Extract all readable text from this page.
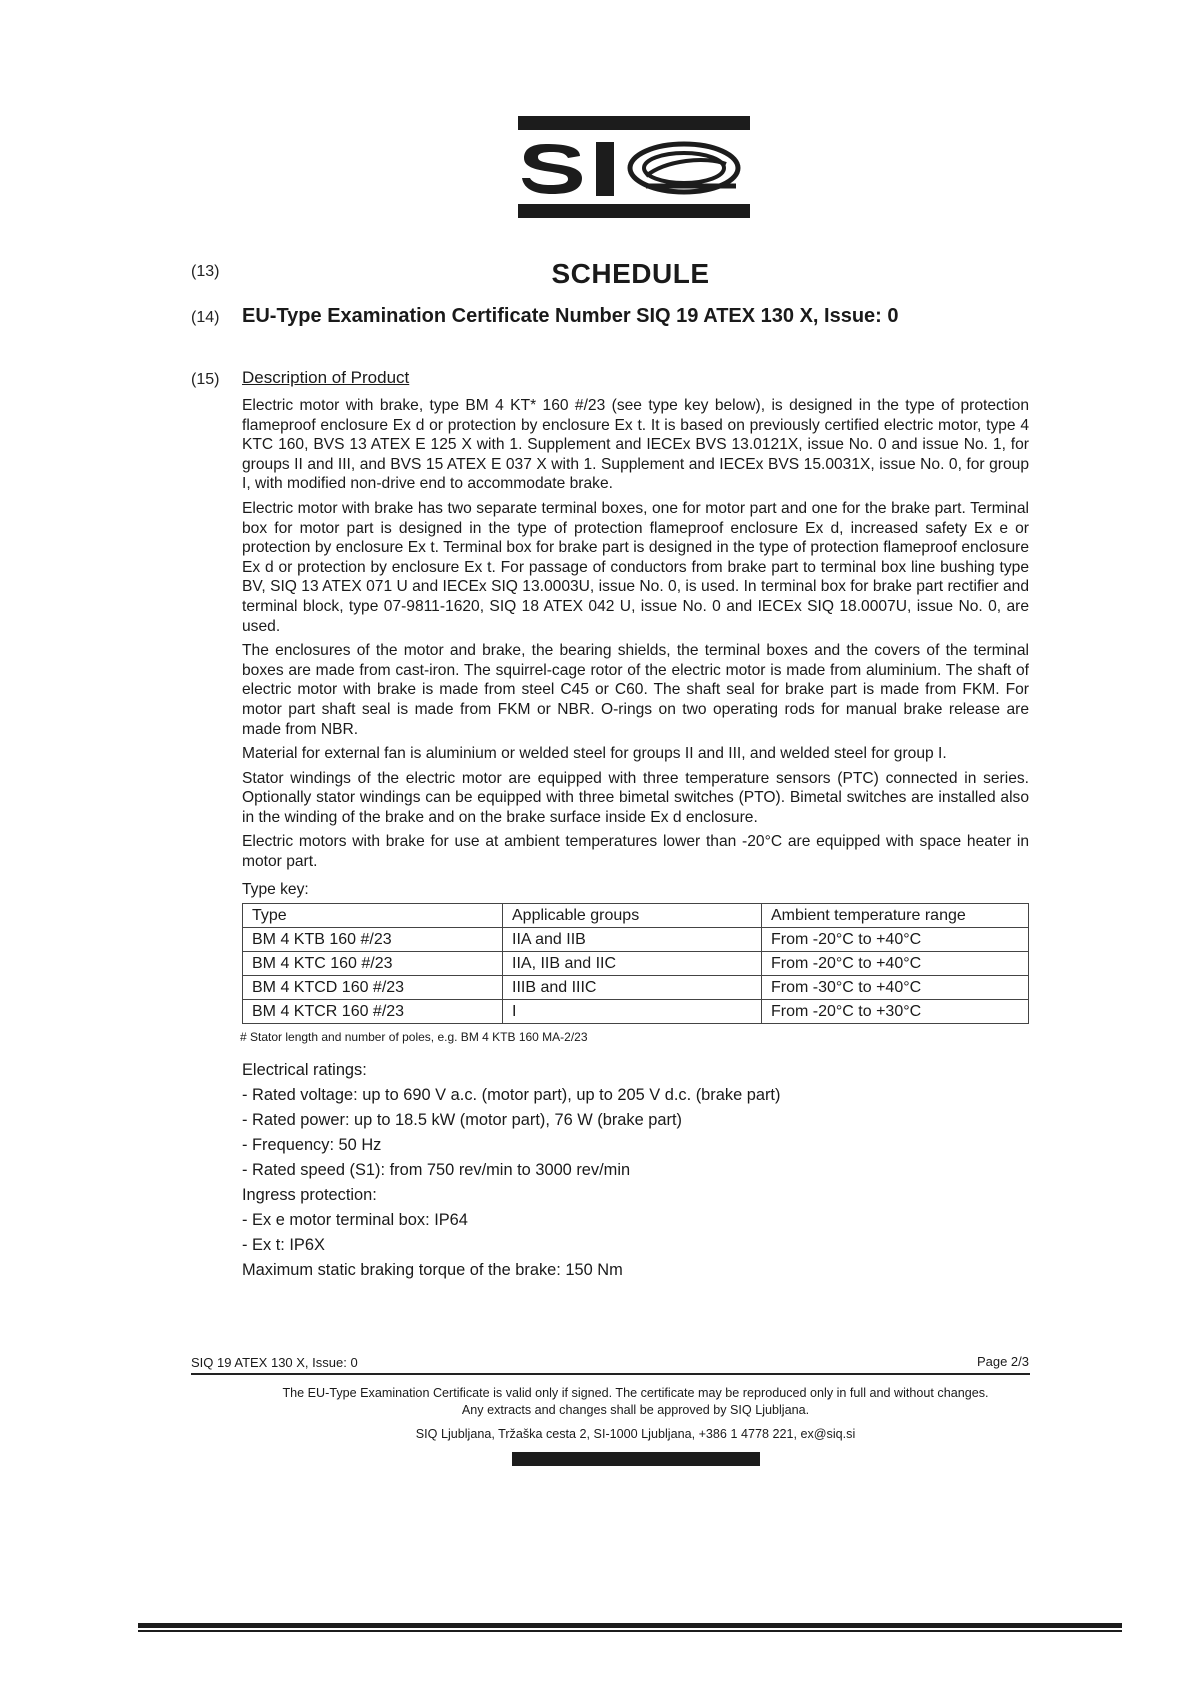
(13)	SCHEDULE
(14) EU-Type Examination Certificate Number SIQ 19 ATEX 130 X, Issue: 0
(15) Description of Product

Electric motor with brake, type BM 4 KT* 160 #/23 (see type key below), is designed in the type of protection flameproof enclosure Ex d or protection by enclosure Ex t. It is based on previously certified electric motor, type 4 KTC 160, BVS 13 ATEX E 125 X with 1. Supplement and IECEx BVS 13.0121X, issue No. 0 and issue No. 1, for groups II and III, and BVS 15 ATEX E 037 X with 1. Supplement and IECEx BVS 15.0031X, issue No. 0, for group I, with modified non-drive end to accommodate brake.

Electric motor with brake has two separate terminal boxes, one for motor part and one for the brake part. Terminal box for motor part is designed in the type of protection flameproof enclosure Ex d, increased safety Ex e or protection by enclosure Ex t. Terminal box for brake part is designed in the type of protection flameproof enclosure Ex d or protection by enclosure Ex t. For passage of conductors from brake part to terminal box line bushing type BV, SIQ 13 ATEX 071 U and IECEx SIQ 13.0003U, issue No. 0, is used. In terminal box for brake part rectifier and terminal block, type 07-9811-1620, SIQ 18 ATEX 042 U, issue No. 0 and IECEx SIQ 18.0007U, issue No. 0, are used.

The enclosures of the motor and brake, the bearing shields, the terminal boxes and the covers of the terminal boxes are made from cast-iron. The squirrel-cage rotor of the electric motor is made from aluminium. The shaft of electric motor with brake is made from steel C45 or C60. The shaft seal for brake part is made from FKM. For motor part shaft seal is made from FKM or NBR. O-rings on two operating rods for manual brake release are made from NBR.

Material for external fan is aluminium or welded steel for groups II and III, and welded steel for group I.

Stator windings of the electric motor are equipped with three temperature sensors (PTC) connected in series. Optionally stator windings can be equipped with three bimetal switches (PTO). Bimetal switches are installed also in the winding of the brake and on the brake surface inside Ex d enclosure.

Electric motors with brake for use at ambient temperatures lower than -20°C are equipped with space heater in motor part.

Type key:
Type	Applicable groups	Ambient temperature range
BM 4 KTB 160 #/23	IIA and IIB	From -20°C to +40°C
BM 4 KTC 160 #/23	IIA, IIB and IIC	From -20°C to +40°C
BM 4 KTCD 160 #/23	IIIB and IIIC	From -30°C to +40°C
BM 4 KTCR 160 #/23	I	From -20°C to +30°C
# Stator length and number of poles, e.g. BM 4 KTB 160 MA-2/23
Electrical ratings:
- Rated voltage: up to 690 V a.c. (motor part), up to 205 V d.c. (brake part)
- Rated power: up to 18.5 kW (motor part), 76 W (brake part)
- Frequency: 50 Hz
- Rated speed (S1): from 750 rev/min to 3000 rev/min
Ingress protection:
- Ex e motor terminal box: IP64
- Ex t: IP6X
Maximum static braking torque of the brake: 150 Nm
SIQ 19 ATEX 130 X, Issue: 0	Page 2/3
The EU-Type Examination Certificate is valid only if signed. The certificate may be reproduced only in full and without changes.
Any extracts and changes shall be approved by SIQ Ljubljana.
SIQ Ljubljana, Tržaška cesta 2, SI-1000 Ljubljana, +386 1 4778 221, ex@siq.si
